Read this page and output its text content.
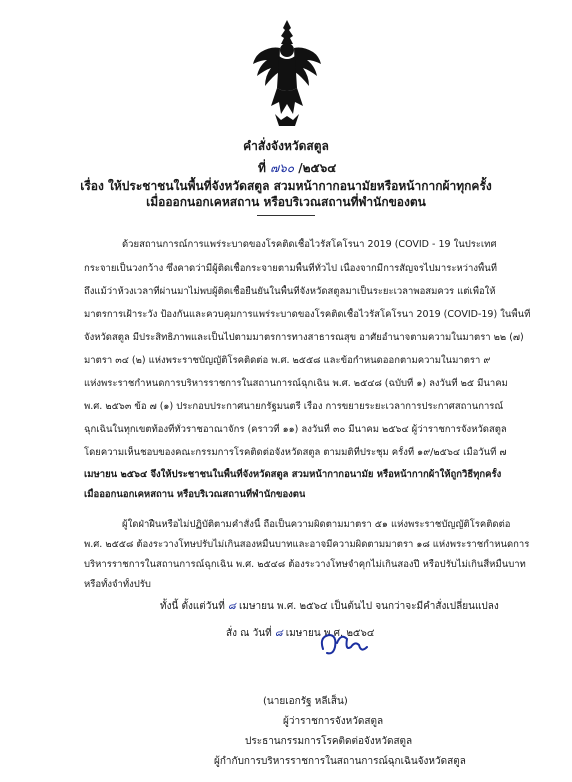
คำสั่งจังหวัดสตูล
ที่ ๗๖๐ /๒๕๖๔
เรื่อง ให้ประชาชนในพื้นที่จังหวัดสตูล สวมหน้ากากอนามัยหรือหน้ากากผ้าทุกครั้ง
เมื่อออกนอกเคหสถาน หรือบริเวณสถานที่พำนักของตน
ด้วยสถานการณ์การแพร่ระบาดของโรคติดเชื้อไวรัสโคโรนา 2019 (COVID - 19 ในประเทศ
กระจายเป็นวงกว้าง ซึ่งคาดว่ามีผู้ติดเชื้อกระจายตามพื้นที่ทั่วไป เนื่องจากมีการสัญจรไปมาระหว่างพื้นที่
ถึงแม้ว่าห้วงเวลาที่ผ่านมาไม่พบผู้ติดเชื้อยืนยันในพื้นที่จังหวัดสตูลมาเป็นระยะเวลาพอสมควร แต่เพื่อให้
มาตรการเฝ้าระวัง ป้องกันและควบคุมการแพร่ระบาดของโรคติดเชื้อไวรัสโคโรนา 2019 (COVID-19) ในพื้นที่
จังหวัดสตูล มีประสิทธิภาพและเป็นไปตามมาตรการทางสาธารณสุข อาศัยอำนาจตามความในมาตรา ๒๒ (๗)
มาตรา ๓๔ (๒) แห่งพระราชบัญญัติโรคติดต่อ พ.ศ. ๒๕๕๘ และข้อกำหนดออกตามความในมาตรา ๙
แห่งพระราชกำหนดการบริหารราชการในสถานการณ์ฉุกเฉิน พ.ศ. ๒๕๔๘ (ฉบับที่ ๑) ลงวันที่ ๒๕ มีนาคม
พ.ศ. ๒๕๖๓ ข้อ ๗ (๑) ประกอบประกาศนายกรัฐมนตรี เรื่อง การขยายระยะเวลาการประกาศสถานการณ์
ฉุกเฉินในทุกเขตท้องที่ทั่วราชอาณาจักร (คราวที่ ๑๑) ลงวันที่ ๓๐ มีนาคม ๒๕๖๔ ผู้ว่าราชการจังหวัดสตูล
โดยความเห็นชอบของคณะกรรมการโรคติดต่อจังหวัดสตูล ตามมติที่ประชุม ครั้งที่ ๑๙/๒๕๖๔ เมื่อวันที่ ๗
เมษายน ๒๕๖๔ จึงให้ประชาชนในพื้นที่จังหวัดสตูล สวมหน้ากากอนามัย หรือหน้ากากผ้าให้ถูกวิธีทุกครั้ง
เมื่อออกนอกเคหสถาน หรือบริเวณสถานที่พำนักของตน
ผู้ใดฝ่าฝืนหรือไม่ปฏิบัติตามคำสั่งนี้ ถือเป็นความผิดตามมาตรา ๕๑ แห่งพระราชบัญญัติโรคติดต่อ
พ.ศ. ๒๕๕๘ ต้องระวางโทษปรับไม่เกินสองหมื่นบาทและอาจมีความผิดตามมาตรา ๑๘ แห่งพระราชกำหนดการ
บริหารราชการในสถานการณ์ฉุกเฉิน พ.ศ. ๒๕๔๘ ต้องระวางโทษจำคุกไม่เกินสองปี หรือปรับไม่เกินสี่หมื่นบาท
หรือทั้งจำทั้งปรับ
ทั้งนี้ ตั้งแต่วันที่ ๘ เมษายน พ.ศ. ๒๕๖๔ เป็นต้นไป จนกว่าจะมีคำสั่งเปลี่ยนแปลง
สั่ง ณ วันที่ ๘ เมษายน พ.ศ. ๒๕๖๔
(นายเอกรัฐ หลีเส็น)
ผู้ว่าราชการจังหวัดสตูล
ประธานกรรมการโรคติดต่อจังหวัดสตูล
ผู้กำกับการบริหารราชการในสถานการณ์ฉุกเฉินจังหวัดสตูล
